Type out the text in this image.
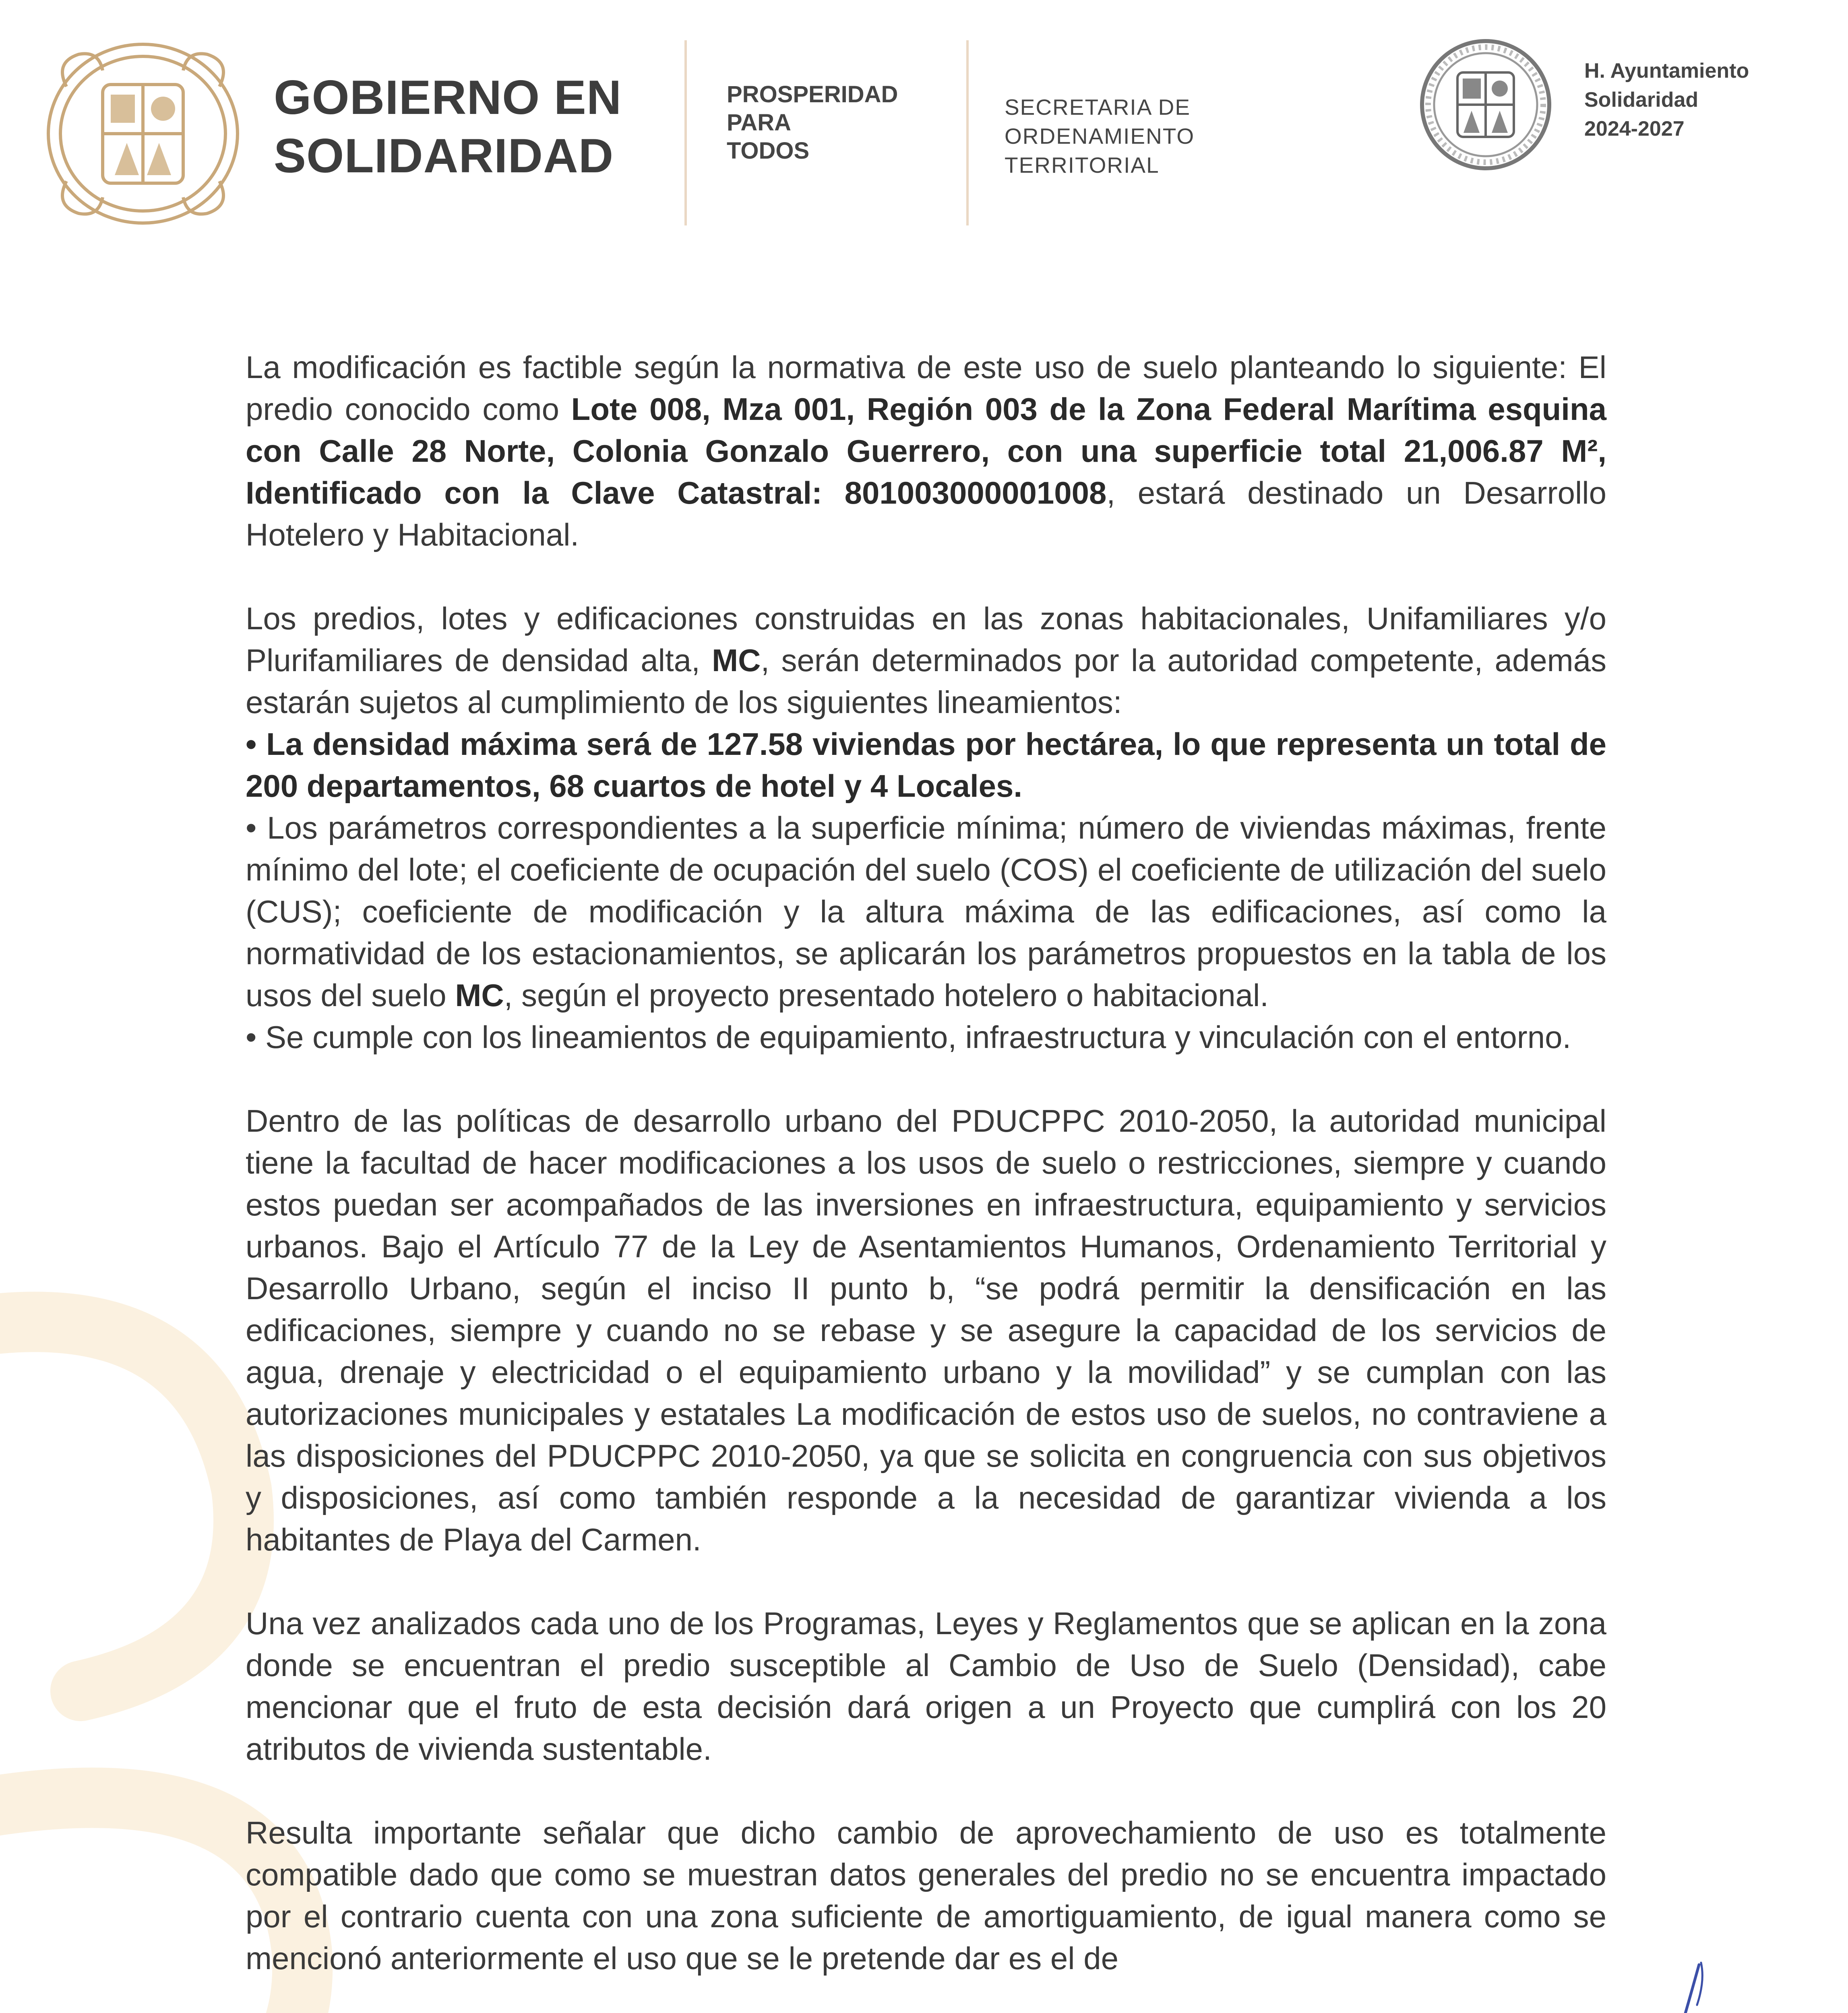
GOBIERNO EN
SOLIDARIDAD
PROSPERIDAD
PARA
TODOS
SECRETARIA DE
ORDENAMIENTO
TERRITORIAL
H. Ayuntamiento
Solidaridad
2024-2027

La modificación es factible según la normativa de este uso de suelo planteando lo siguiente: El predio conocido como Lote 008, Mza 001, Región 003 de la Zona Federal Marítima esquina con Calle 28 Norte, Colonia Gonzalo Guerrero, con una superficie total 21,006.87 M², Identificado con la Clave Catastral: 801003000001008, estará destinado un Desarrollo Hotelero y Habitacional.

Los predios, lotes y edificaciones construidas en las zonas habitacionales, Unifamiliares y/o Plurifamiliares de densidad alta, MC, serán determinados por la autoridad competente, además estarán sujetos al cumplimiento de los siguientes lineamientos:

• La densidad máxima será de 127.58 viviendas por hectárea, lo que representa un total de 200 departamentos, 68 cuartos de hotel y 4 Locales.

• Los parámetros correspondientes a la superficie mínima; número de viviendas máximas, frente mínimo del lote; el coeficiente de ocupación del suelo (COS) el coeficiente de utilización del suelo (CUS); coeficiente de modificación y la altura máxima de las edificaciones, así como la normatividad de los estacionamientos, se aplicarán los parámetros propuestos en la tabla de los usos del suelo MC, según el proyecto presentado hotelero o habitacional.

• Se cumple con los lineamientos de equipamiento, infraestructura y vinculación con el entorno.

Dentro de las políticas de desarrollo urbano del PDUCPPC 2010-2050, la autoridad municipal tiene la facultad de hacer modificaciones a los usos de suelo o restricciones, siempre y cuando estos puedan ser acompañados de las inversiones en infraestructura, equipamiento y servicios urbanos. Bajo el Artículo 77 de la Ley de Asentamientos Humanos, Ordenamiento Territorial y Desarrollo Urbano, según el inciso II punto b, “se podrá permitir la densificación en las edificaciones, siempre y cuando no se rebase y se asegure la capacidad de los servicios de agua, drenaje y electricidad o el equipamiento urbano y la movilidad” y se cumplan con las autorizaciones municipales y estatales La modificación de estos uso de suelos, no contraviene a las disposiciones del PDUCPPC 2010-2050, ya que se solicita en congruencia con sus objetivos y disposiciones, así como también responde a la necesidad de garantizar vivienda a los habitantes de Playa del Carmen.

Una vez analizados cada uno de los Programas, Leyes y Reglamentos que se aplican en la zona donde se encuentran el predio susceptible al Cambio de Uso de Suelo (Densidad), cabe mencionar que el fruto de esta decisión dará origen a un Proyecto que cumplirá con los 20 atributos de vivienda sustentable.

Resulta importante señalar que dicho cambio de aprovechamiento de uso es totalmente compatible dado que como se muestran datos generales del predio no se encuentra impactado por el contrario cuenta con una zona suficiente de amortiguamiento, de igual manera como se mencionó anteriormente el uso que se le pretende dar es el de
